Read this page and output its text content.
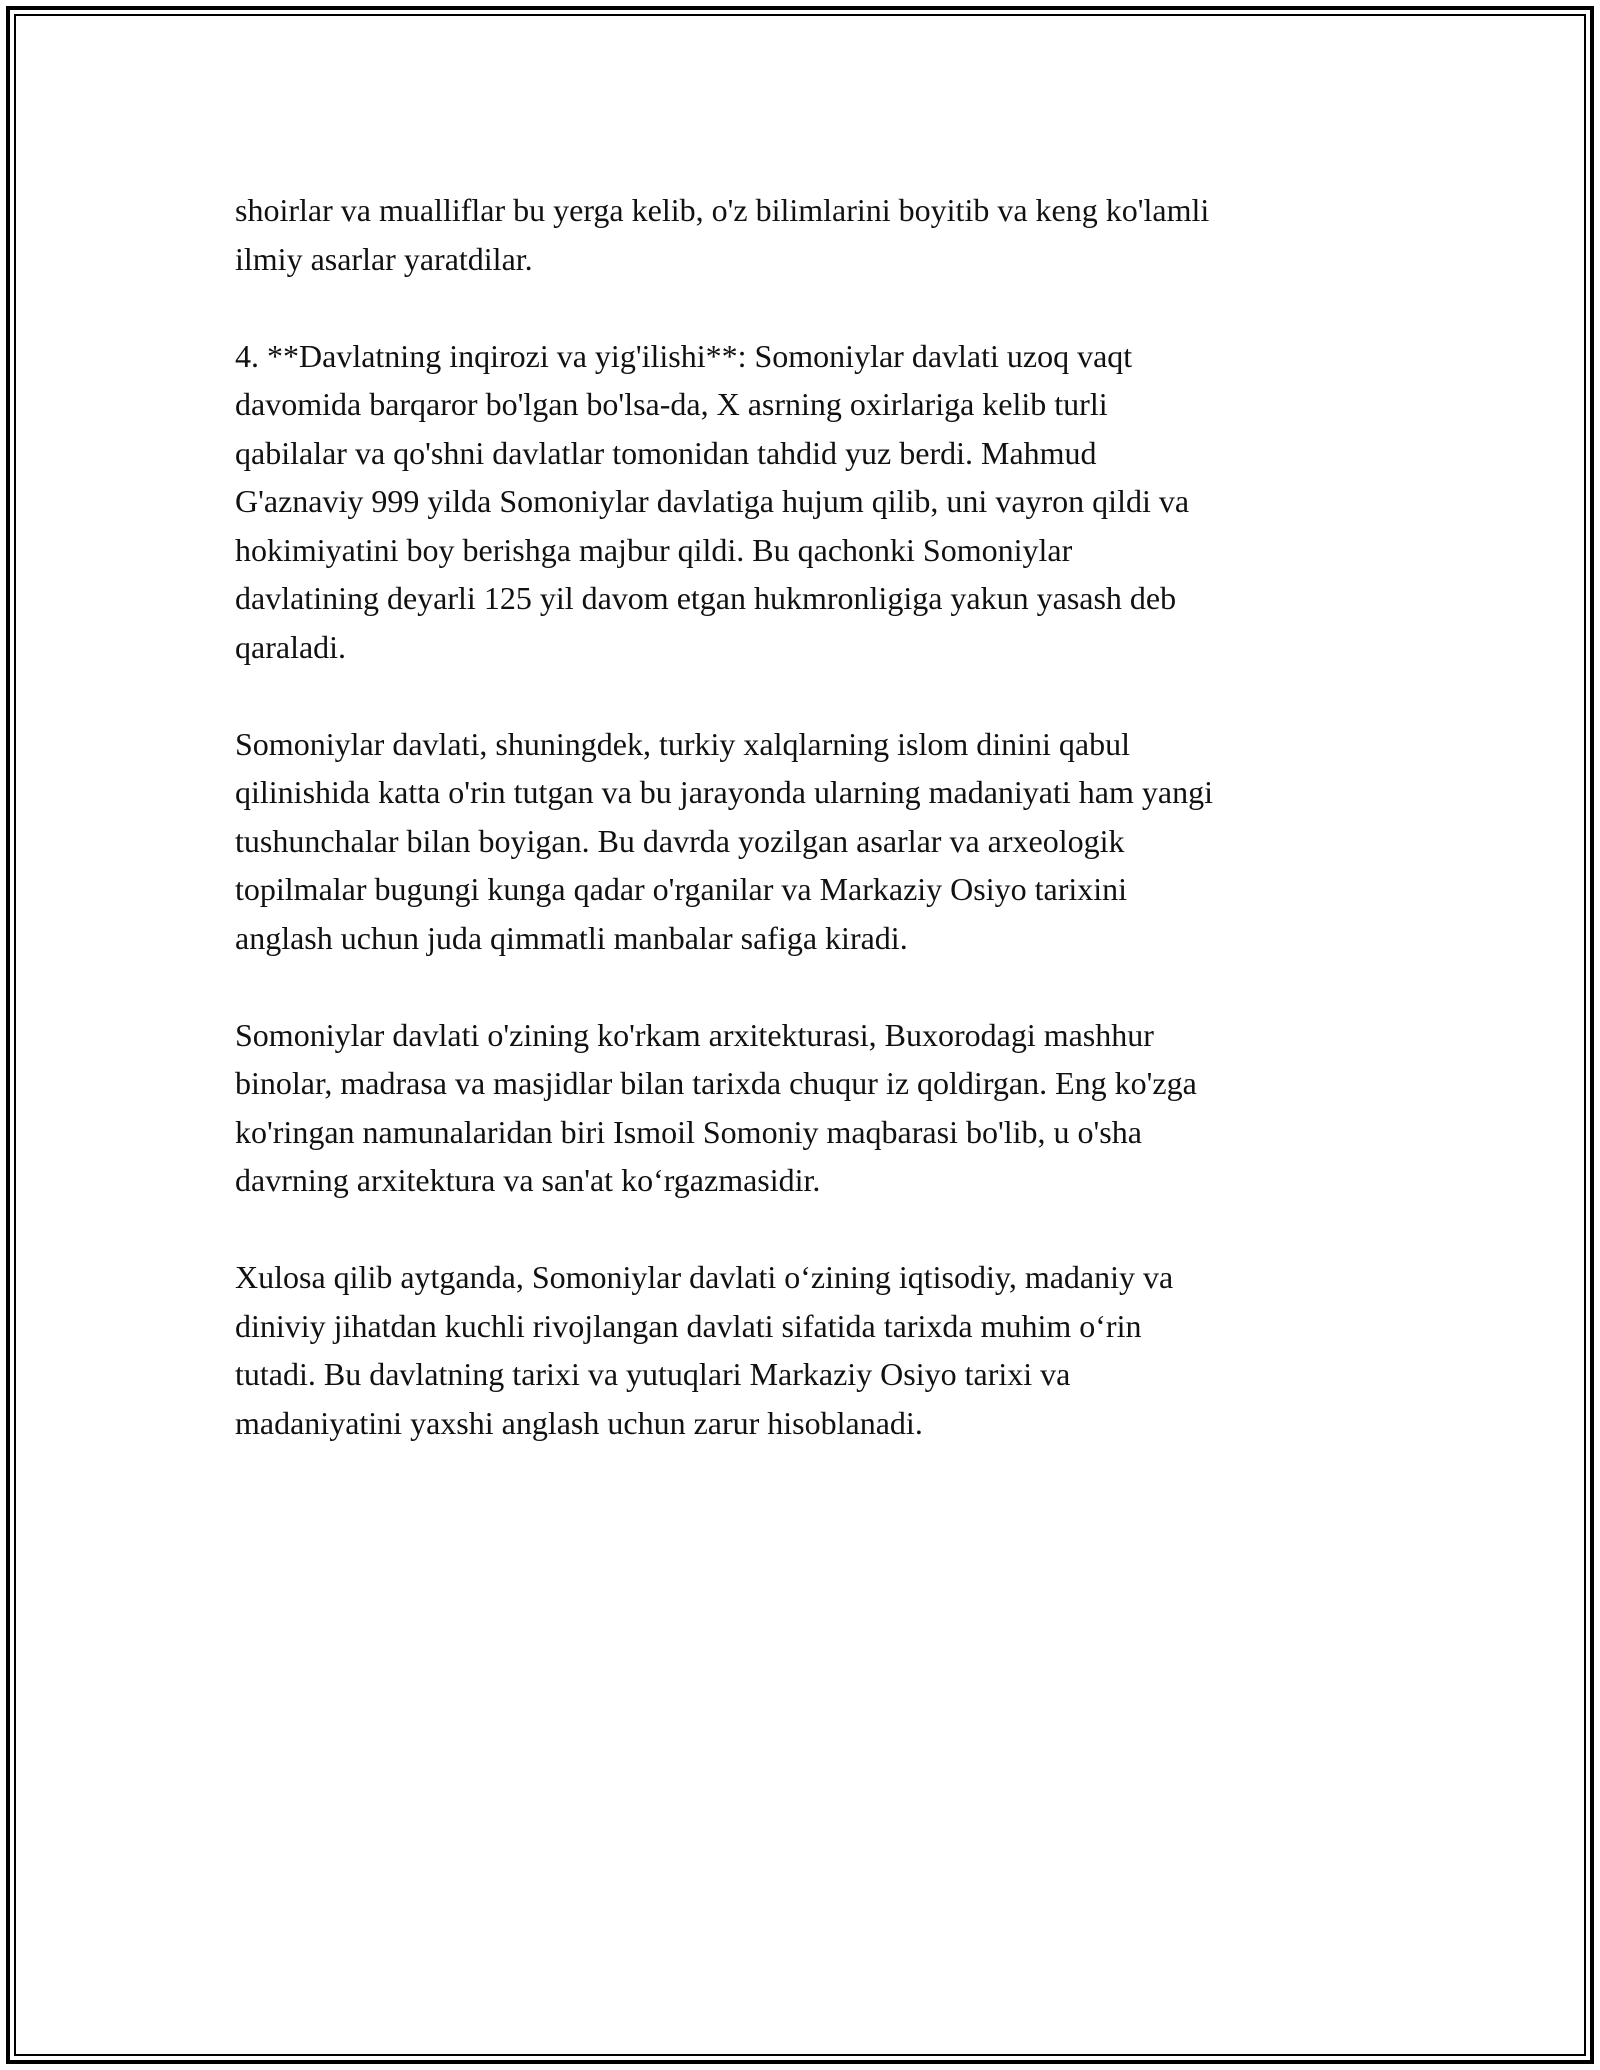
shoirlar va mualliflar bu yerga kelib, o'z bilimlarini boyitib va keng ko'lamli
ilmiy asarlar yaratdilar.

4. **Davlatning inqirozi va yig'ilishi**: Somoniylar davlati uzoq vaqt
davomida barqaror bo'lgan bo'lsa-da, X asrning oxirlariga kelib turli
qabilalar va qo'shni davlatlar tomonidan tahdid yuz berdi. Mahmud
G'aznaviy 999 yilda Somoniylar davlatiga hujum qilib, uni vayron qildi va
hokimiyatini boy berishga majbur qildi. Bu qachonki Somoniylar
davlatining deyarli 125 yil davom etgan hukmronligiga yakun yasash deb
qaraladi.

Somoniylar davlati, shuningdek, turkiy xalqlarning islom dinini qabul
qilinishida katta o'rin tutgan va bu jarayonda ularning madaniyati ham yangi
tushunchalar bilan boyigan. Bu davrda yozilgan asarlar va arxeologik
topilmalar bugungi kunga qadar o'rganilar va Markaziy Osiyo tarixini
anglash uchun juda qimmatli manbalar safiga kiradi.

Somoniylar davlati o'zining ko'rkam arxitekturasi, Buxorodagi mashhur
binolar, madrasa va masjidlar bilan tarixda chuqur iz qoldirgan. Eng ko'zga
ko'ringan namunalaridan biri Ismoil Somoniy maqbarasi bo'lib, u o'sha
davrning arxitektura va san'at ko‘rgazmasidir.

Xulosa qilib aytganda, Somoniylar davlati o‘zining iqtisodiy, madaniy va
diniviy jihatdan kuchli rivojlangan davlati sifatida tarixda muhim o‘rin
tutadi. Bu davlatning tarixi va yutuqlari Markaziy Osiyo tarixi va
madaniyatini yaxshi anglash uchun zarur hisoblanadi.
